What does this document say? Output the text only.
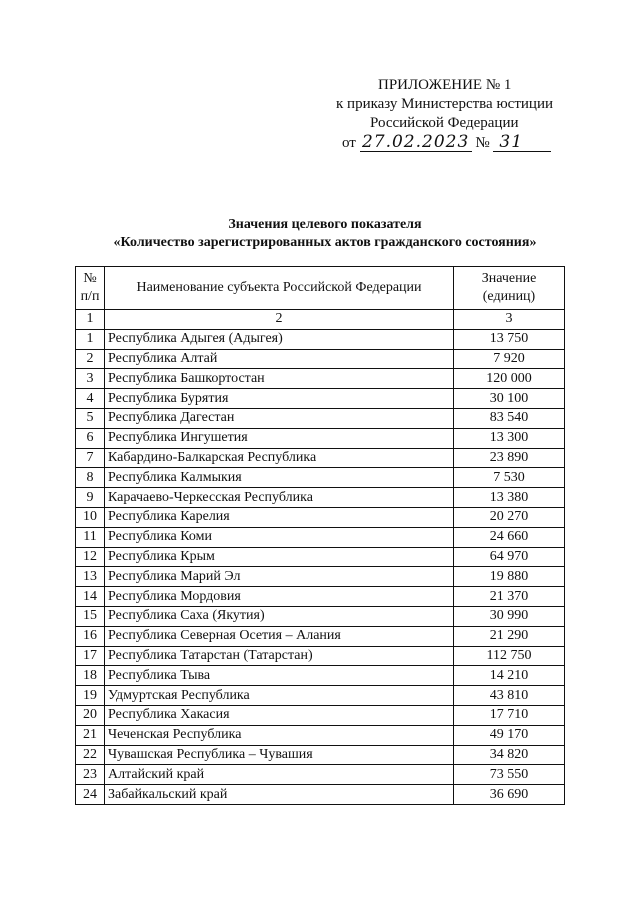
ПРИЛОЖЕНИЕ № 1
к приказу Министерства юстиции
Российской Федерации
от 27.02.2023 № 31
Значения целевого показателя
«Количество зарегистрированных актов гражданского состояния»
№ п/п	Наименование субъекта Российской Федерации	Значение (единиц)
1	2	3
1	Республика Адыгея (Адыгея)	13 750
2	Республика Алтай	7 920
3	Республика Башкортостан	120 000
4	Республика Бурятия	30 100
5	Республика Дагестан	83 540
6	Республика Ингушетия	13 300
7	Кабардино-Балкарская Республика	23 890
8	Республика Калмыкия	7 530
9	Карачаево-Черкесская Республика	13 380
10	Республика Карелия	20 270
11	Республика Коми	24 660
12	Республика Крым	64 970
13	Республика Марий Эл	19 880
14	Республика Мордовия	21 370
15	Республика Саха (Якутия)	30 990
16	Республика Северная Осетия – Алания	21 290
17	Республика Татарстан (Татарстан)	112 750
18	Республика Тыва	14 210
19	Удмуртская Республика	43 810
20	Республика Хакасия	17 710
21	Чеченская Республика	49 170
22	Чувашская Республика – Чувашия	34 820
23	Алтайский край	73 550
24	Забайкальский край	36 690
